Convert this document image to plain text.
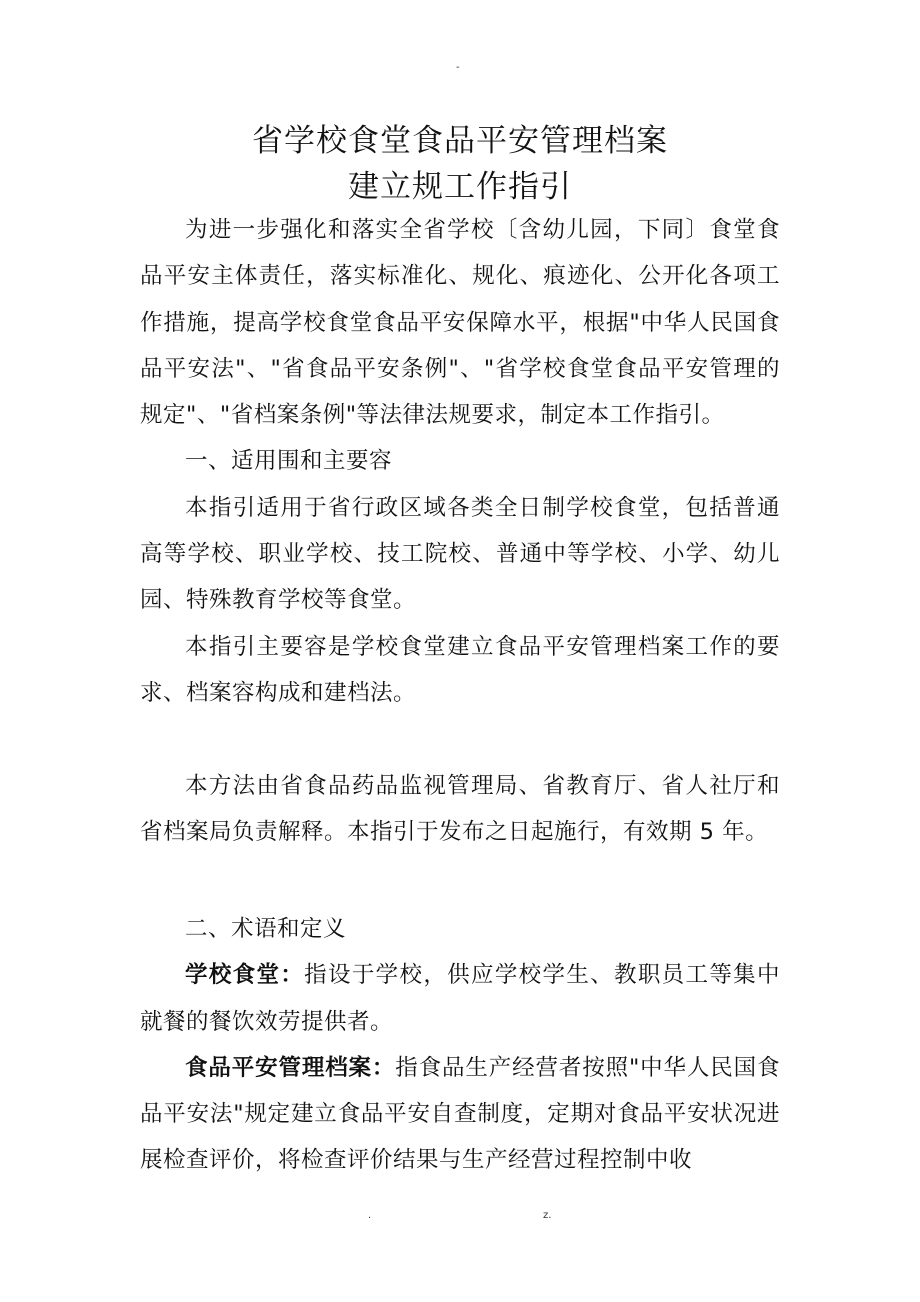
-
省学校食堂食品平安管理档案
建立规工作指引

为进一步强化和落实全省学校〔含幼儿园，下同〕食堂食品平安主体责任，落实标准化、规化、痕迹化、公开化各项工作措施，提高学校食堂食品平安保障水平，根据"中华人民国食品平安法"、"省食品平安条例"、"省学校食堂食品平安管理的规定"、"省档案条例"等法律法规要求，制定本工作指引。

一、适用围和主要容

本指引适用于省行政区域各类全日制学校食堂，包括普通高等学校、职业学校、技工院校、普通中等学校、小学、幼儿园、特殊教育学校等食堂。

本指引主要容是学校食堂建立食品平安管理档案工作的要求、档案容构成和建档法。

本方法由省食品药品监视管理局、省教育厅、省人社厅和省档案局负责解释。本指引于发布之日起施行，有效期 5 年。

二、术语和定义

学校食堂：指设于学校，供应学校学生、教职员工等集中就餐的餐饮效劳提供者。

食品平安管理档案：指食品生产经营者按照"中华人民国食品平安法"规定建立食品平安自查制度，定期对食品平安状况进展检查评价，将检查评价结果与生产经营过程控制中收

.	z.
